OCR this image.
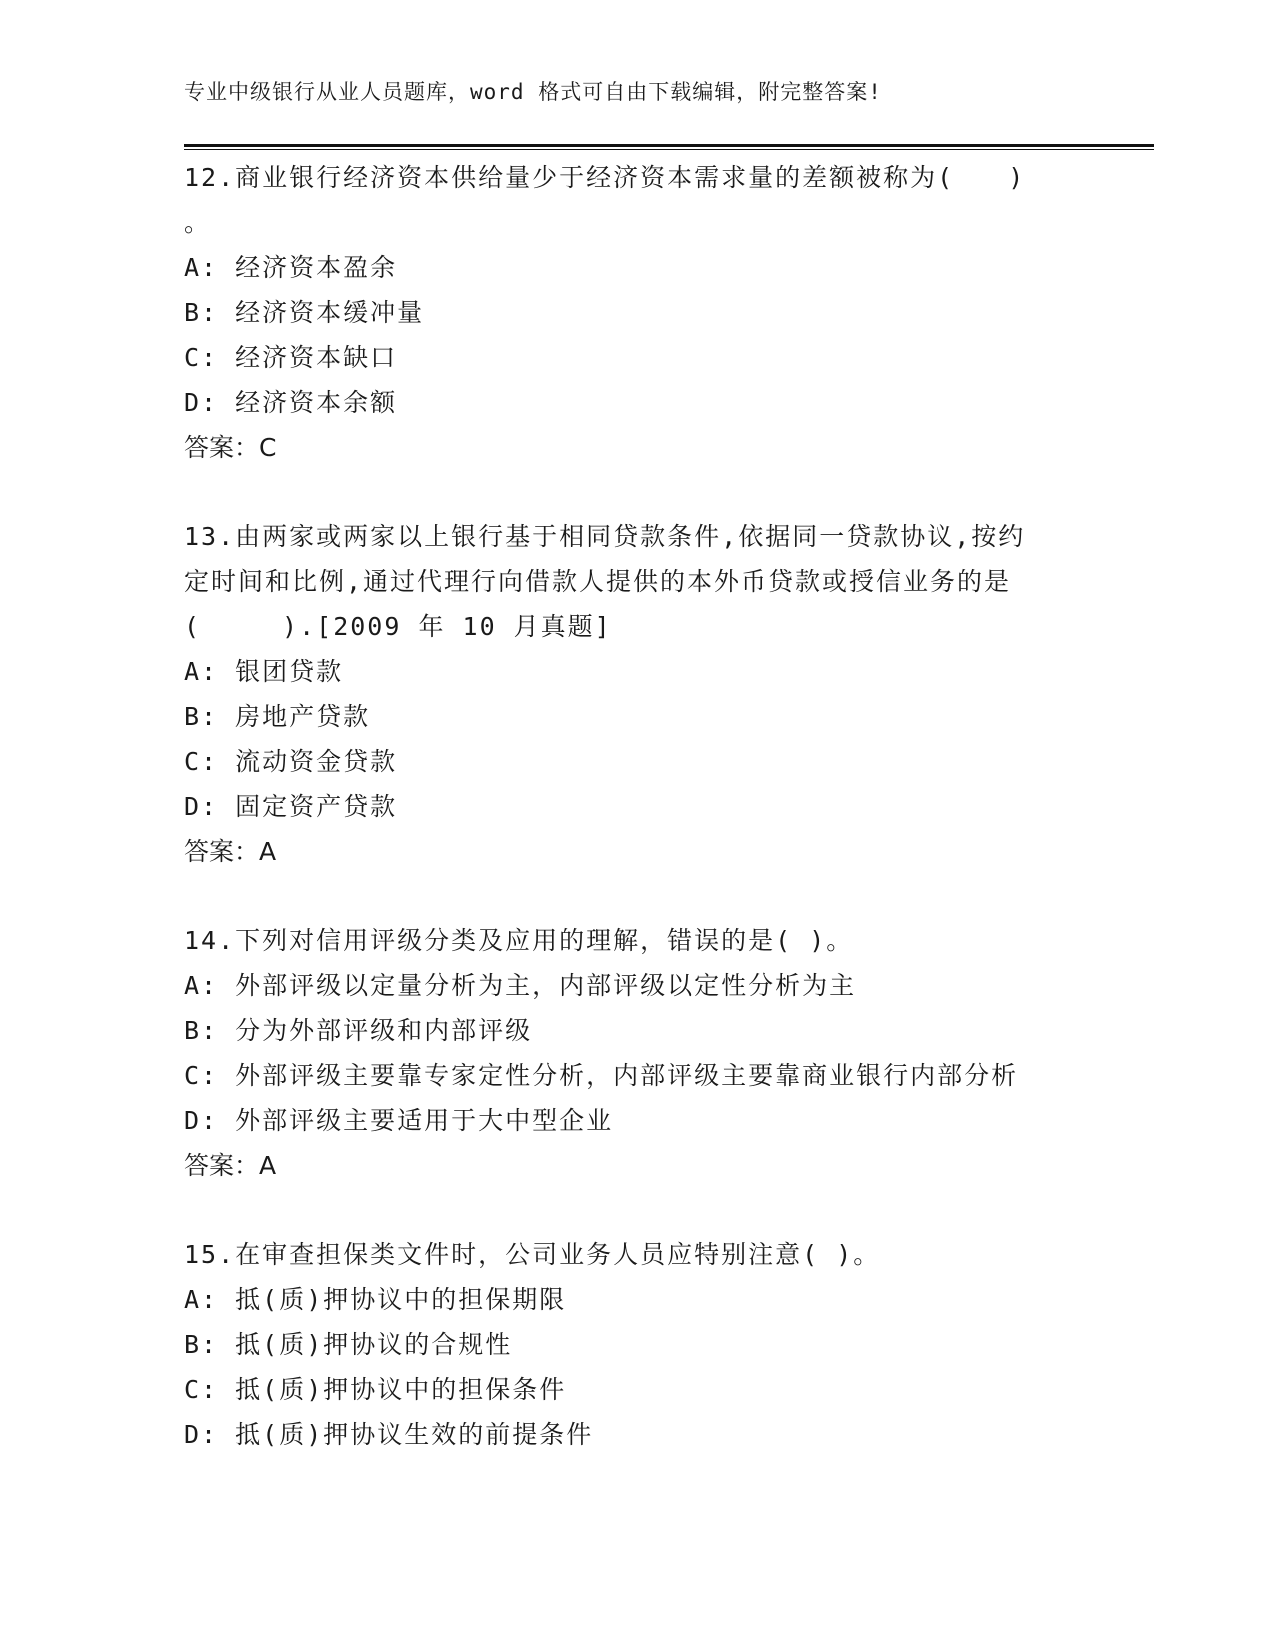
专业中级银行从业人员题库，word 格式可自由下载编辑，附完整答案!

12.商业银行经济资本供给量少于经济资本需求量的差额被称为(　　)

。

A: 经济资本盈余

B: 经济资本缓冲量

C: 经济资本缺口

D: 经济资本余额

答案：C

13.由两家或两家以上银行基于相同贷款条件,依据同一贷款协议,按约

定时间和比例,通过代理行向借款人提供的本外币贷款或授信业务的是

(　　　).[2009 年 10 月真题]

A: 银团贷款

B: 房地产贷款

C: 流动资金贷款

D: 固定资产贷款

答案：A

14.下列对信用评级分类及应用的理解，错误的是( )。

A: 外部评级以定量分析为主，内部评级以定性分析为主

B: 分为外部评级和内部评级

C: 外部评级主要靠专家定性分析，内部评级主要靠商业银行内部分析

D: 外部评级主要适用于大中型企业

答案：A

15.在审查担保类文件时，公司业务人员应特别注意( )。

A: 抵(质)押协议中的担保期限

B: 抵(质)押协议的合规性

C: 抵(质)押协议中的担保条件

D: 抵(质)押协议生效的前提条件
